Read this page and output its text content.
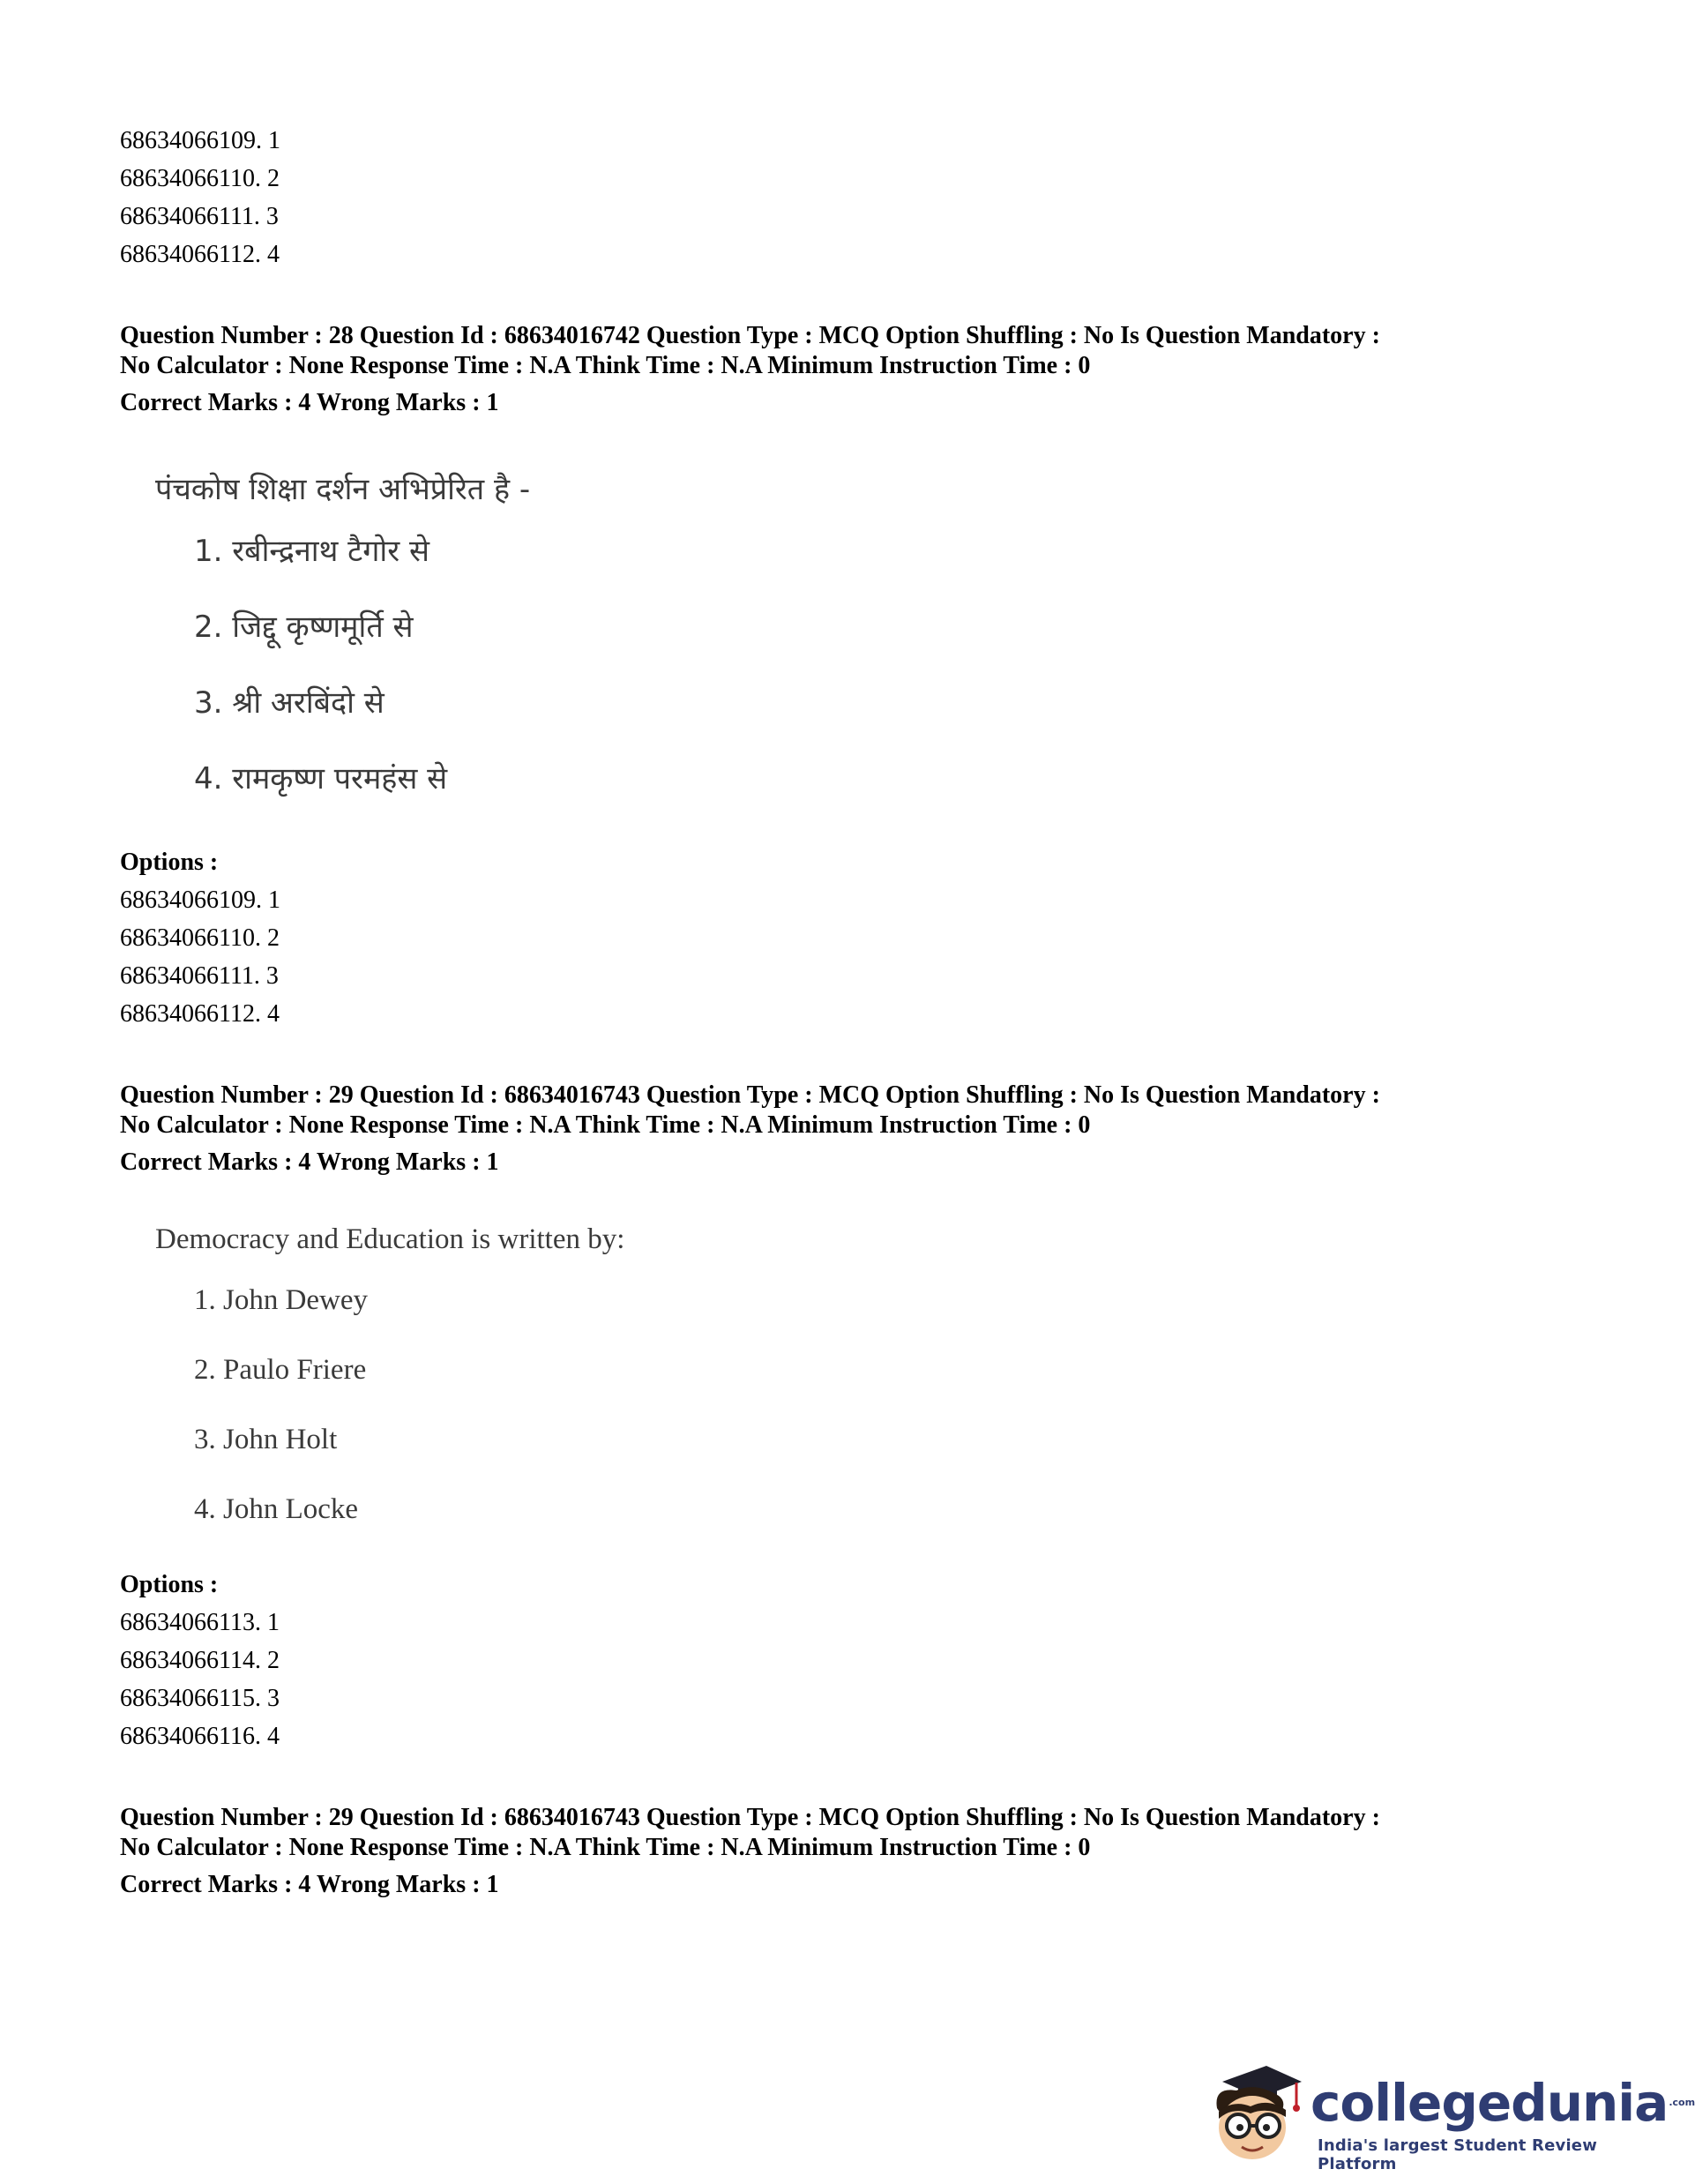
68634066109. 1
68634066110. 2
68634066111. 3
68634066112. 4
Question Number : 28 Question Id : 68634016742 Question Type : MCQ Option Shuffling : No Is Question Mandatory :
No Calculator : None Response Time : N.A Think Time : N.A Minimum Instruction Time : 0
Correct Marks : 4 Wrong Marks : 1
पंचकोष शिक्षा दर्शन अभिप्रेरित है -
1. रबीन्द्रनाथ टैगोर से
2. जिद्दू कृष्णमूर्ति से
3. श्री अरबिंदो से
4. रामकृष्ण परमहंस से
Options :
68634066109. 1
68634066110. 2
68634066111. 3
68634066112. 4
Question Number : 29 Question Id : 68634016743 Question Type : MCQ Option Shuffling : No Is Question Mandatory :
No Calculator : None Response Time : N.A Think Time : N.A Minimum Instruction Time : 0
Correct Marks : 4 Wrong Marks : 1
Democracy and Education is written by:
1. John Dewey
2. Paulo Friere
3. John Holt
4. John Locke
Options :
68634066113. 1
68634066114. 2
68634066115. 3
68634066116. 4
Question Number : 29 Question Id : 68634016743 Question Type : MCQ Option Shuffling : No Is Question Mandatory :
No Calculator : None Response Time : N.A Think Time : N.A Minimum Instruction Time : 0
Correct Marks : 4 Wrong Marks : 1
collegedunia$^{.com}$
India's largest Student Review Platform
